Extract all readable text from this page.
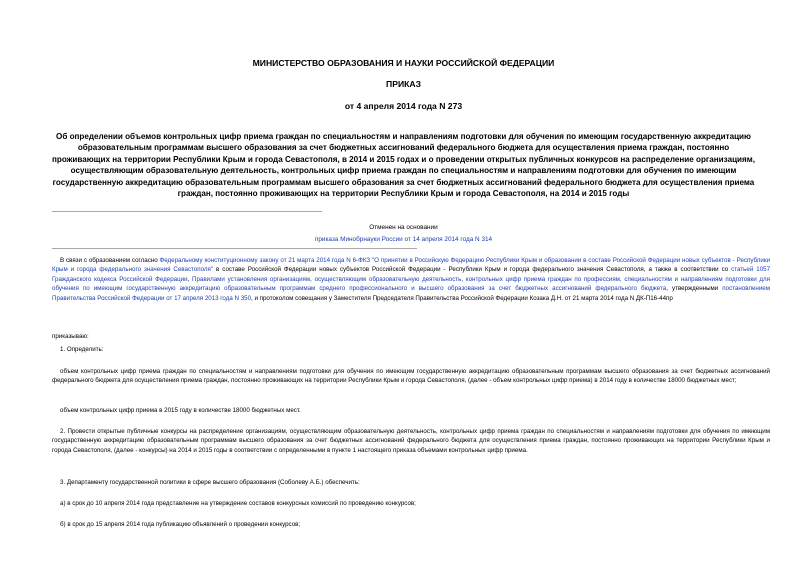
МИНИСТЕРСТВО ОБРАЗОВАНИЯ И НАУКИ РОССИЙСКОЙ ФЕДЕРАЦИИ
ПРИКАЗ
от 4 апреля 2014 года N 273
Об определении объемов контрольных цифр приема граждан по специальностям и направлениям подготовки для обучения по имеющим государственную аккредитацию образовательным программам высшего образования за счет бюджетных ассигнований федерального бюджета для осуществления приема граждан, постоянно проживающих на территории Республики Крым и города Севастополя, в 2014 и 2015 годах и о проведении открытых публичных конкурсов на распределение организациям, осуществляющим образовательную деятельность, контрольных цифр приема граждан по специальностям и направлениям подготовки для обучения по имеющим государственную аккредитацию образовательным программам высшего образования за счет бюджетных ассигнований федерального бюджета для осуществления приема граждан, постоянно проживающих на территории Республики Крым и города Севастополя, на 2014 и 2015 годы
Отменен на основании
приказа Минобрнауки России от 14 апреля 2014 года N 314
В связи с образованием согласно Федеральному конституционному закону от 21 марта 2014 года N 6-ФКЗ "О принятии в Российскую Федерацию Республики Крым и образовании в составе Российской Федерации новых субъектов - Республики Крым и города федерального значения Севастополя" в составе Российской Федерации новых субъектов Российской Федерации - Республики Крым и города федерального значения Севастополя, а также в соответствии со статьей 1057 Гражданского кодекса Российской Федерации, Правилами установления организациям, осуществляющим образовательную деятельность, контрольных цифр приема граждан по профессиям, специальностям и направлениям подготовки для обучения по имеющим государственную аккредитацию образовательным программам среднего профессионального и высшего образования за счет бюджетных ассигнований федерального бюджета, утвержденными постановлением Правительства Российской Федерации от 17 апреля 2013 года N 350, и протоколом совещания у Заместителя Председателя Правительства Российской Федерации Козака Д.Н. от 21 марта 2014 года N ДК-П16-44пр
приказываю:
1. Определить:
объем контрольных цифр приема граждан по специальностям и направлениям подготовки для обучения по имеющим государственную аккредитацию образовательным программам высшего образования за счет бюджетных ассигнований федерального бюджета для осуществления приема граждан, постоянно проживающих на территории Республики Крым и города Севастополя, (далее - объем контрольных цифр приема) в 2014 году в количестве 18000 бюджетных мест;
объем контрольных цифр приема в 2015 году в количестве 18000 бюджетных мест.
2. Провести открытые публичные конкурсы на распределение организациям, осуществляющим образовательную деятельность, контрольных цифр приема граждан по специальностям и направлениям подготовки для обучения по имеющим государственную аккредитацию образовательным программам высшего образования за счет бюджетных ассигнований федерального бюджета для осуществления приема граждан, постоянно проживающих на территории Республики Крым и города Севастополя, (далее - конкурсы) на 2014 и 2015 годы в соответствии с определенными в пункте 1 настоящего приказа объемами контрольных цифр приема.
3. Департаменту государственной политики в сфере высшего образования (Соболеву А.Б.) обеспечить:
а) в срок до 10 апреля 2014 года представление на утверждение составов конкурсных комиссий по проведению конкурсов;
б) в срок до 15 апреля 2014 года публикацию объявлений о проведении конкурсов;
